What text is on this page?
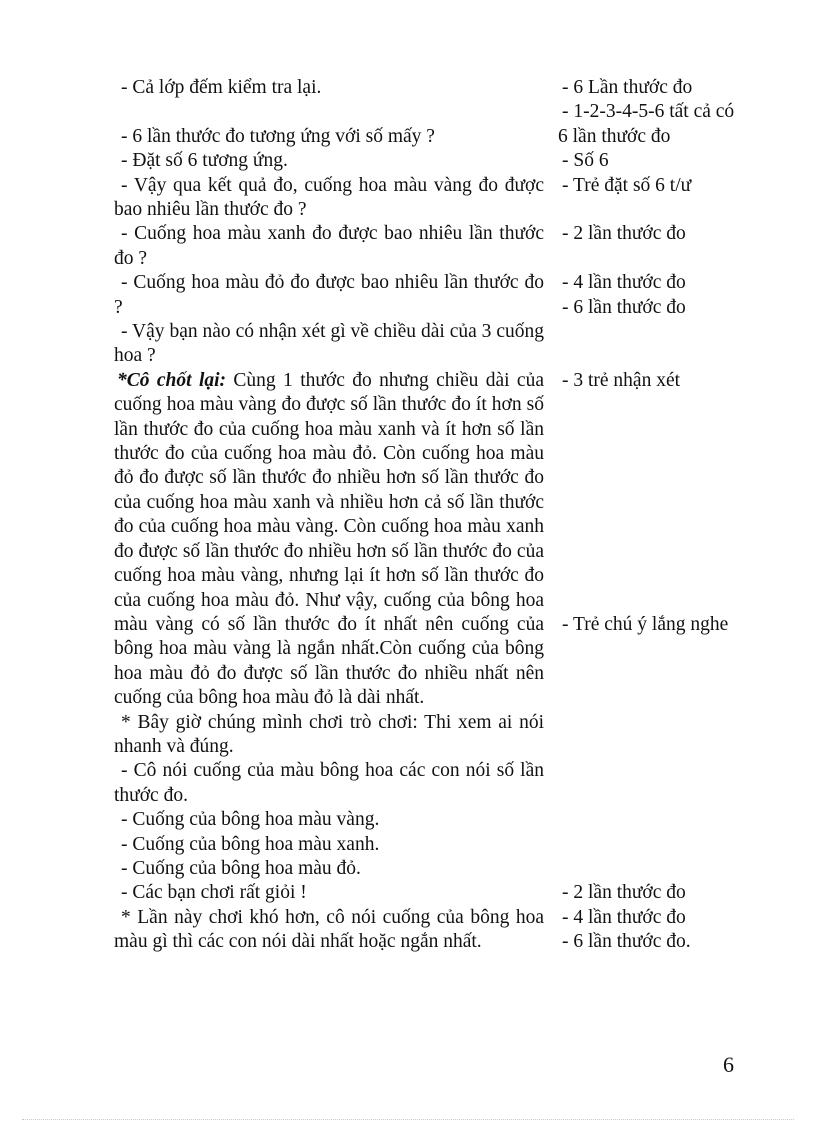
- Cả lớp đếm kiểm tra lại.

- 6 lần thước đo tương ứng với số mấy ?

- Đặt số 6 tương ứng.

- Vậy qua kết quả đo, cuống hoa màu vàng đo được bao nhiêu lần thước đo ?

- Cuống hoa màu xanh đo được bao nhiêu lần thước đo ?

- Cuống hoa màu đỏ đo được bao nhiêu lần thước đo ?

- Vậy bạn nào có nhận xét gì về chiều dài của 3 cuống hoa ?

*Cô chốt lại: Cùng 1 thước đo nhưng chiều dài của cuống hoa màu vàng đo được số lần thước đo ít hơn số lần thước đo của cuống hoa màu xanh và ít hơn số lần thước đo của cuống hoa màu đỏ. Còn cuống hoa màu đỏ đo được số lần thước đo nhiều hơn số lần thước đo của cuống hoa màu xanh và nhiều hơn cả số lần thước đo của cuống hoa màu vàng. Còn cuống hoa màu xanh đo được số lần thước đo nhiều hơn số lần thước đo của cuống hoa màu vàng, nhưng lại ít hơn số lần thước đo của cuống hoa màu đỏ. Như vậy, cuống của bông hoa màu vàng có số lần thước đo ít nhất nên cuống của bông hoa màu vàng là ngắn nhất.Còn cuống của bông hoa màu đỏ đo được số lần thước đo nhiều nhất nên cuống của bông hoa màu đỏ là dài nhất.

* Bây giờ chúng mình chơi trò chơi: Thi xem ai nói nhanh và đúng.

- Cô nói cuống của màu bông hoa các con nói số lần thước đo.

- Cuống của bông hoa màu vàng.

- Cuống của bông hoa màu xanh.

- Cuống của bông hoa màu đỏ.

- Các bạn chơi rất giỏi !

* Lần này chơi khó hơn, cô nói cuống của bông hoa màu gì thì các con nói dài nhất hoặc ngắn nhất.

- 6 Lần thước đo
- 1-2-3-4-5-6 tất cả có
6 lần thước đo
- Số 6
- Trẻ đặt số 6 t/ư
- 2 lần thước đo
- 4 lần thước đo
- 6 lần thước đo
- 3 trẻ nhận xét
- Trẻ chú ý lắng nghe
- 2 lần thước đo
- 4 lần thước đo
- 6 lần thước đo.
6
